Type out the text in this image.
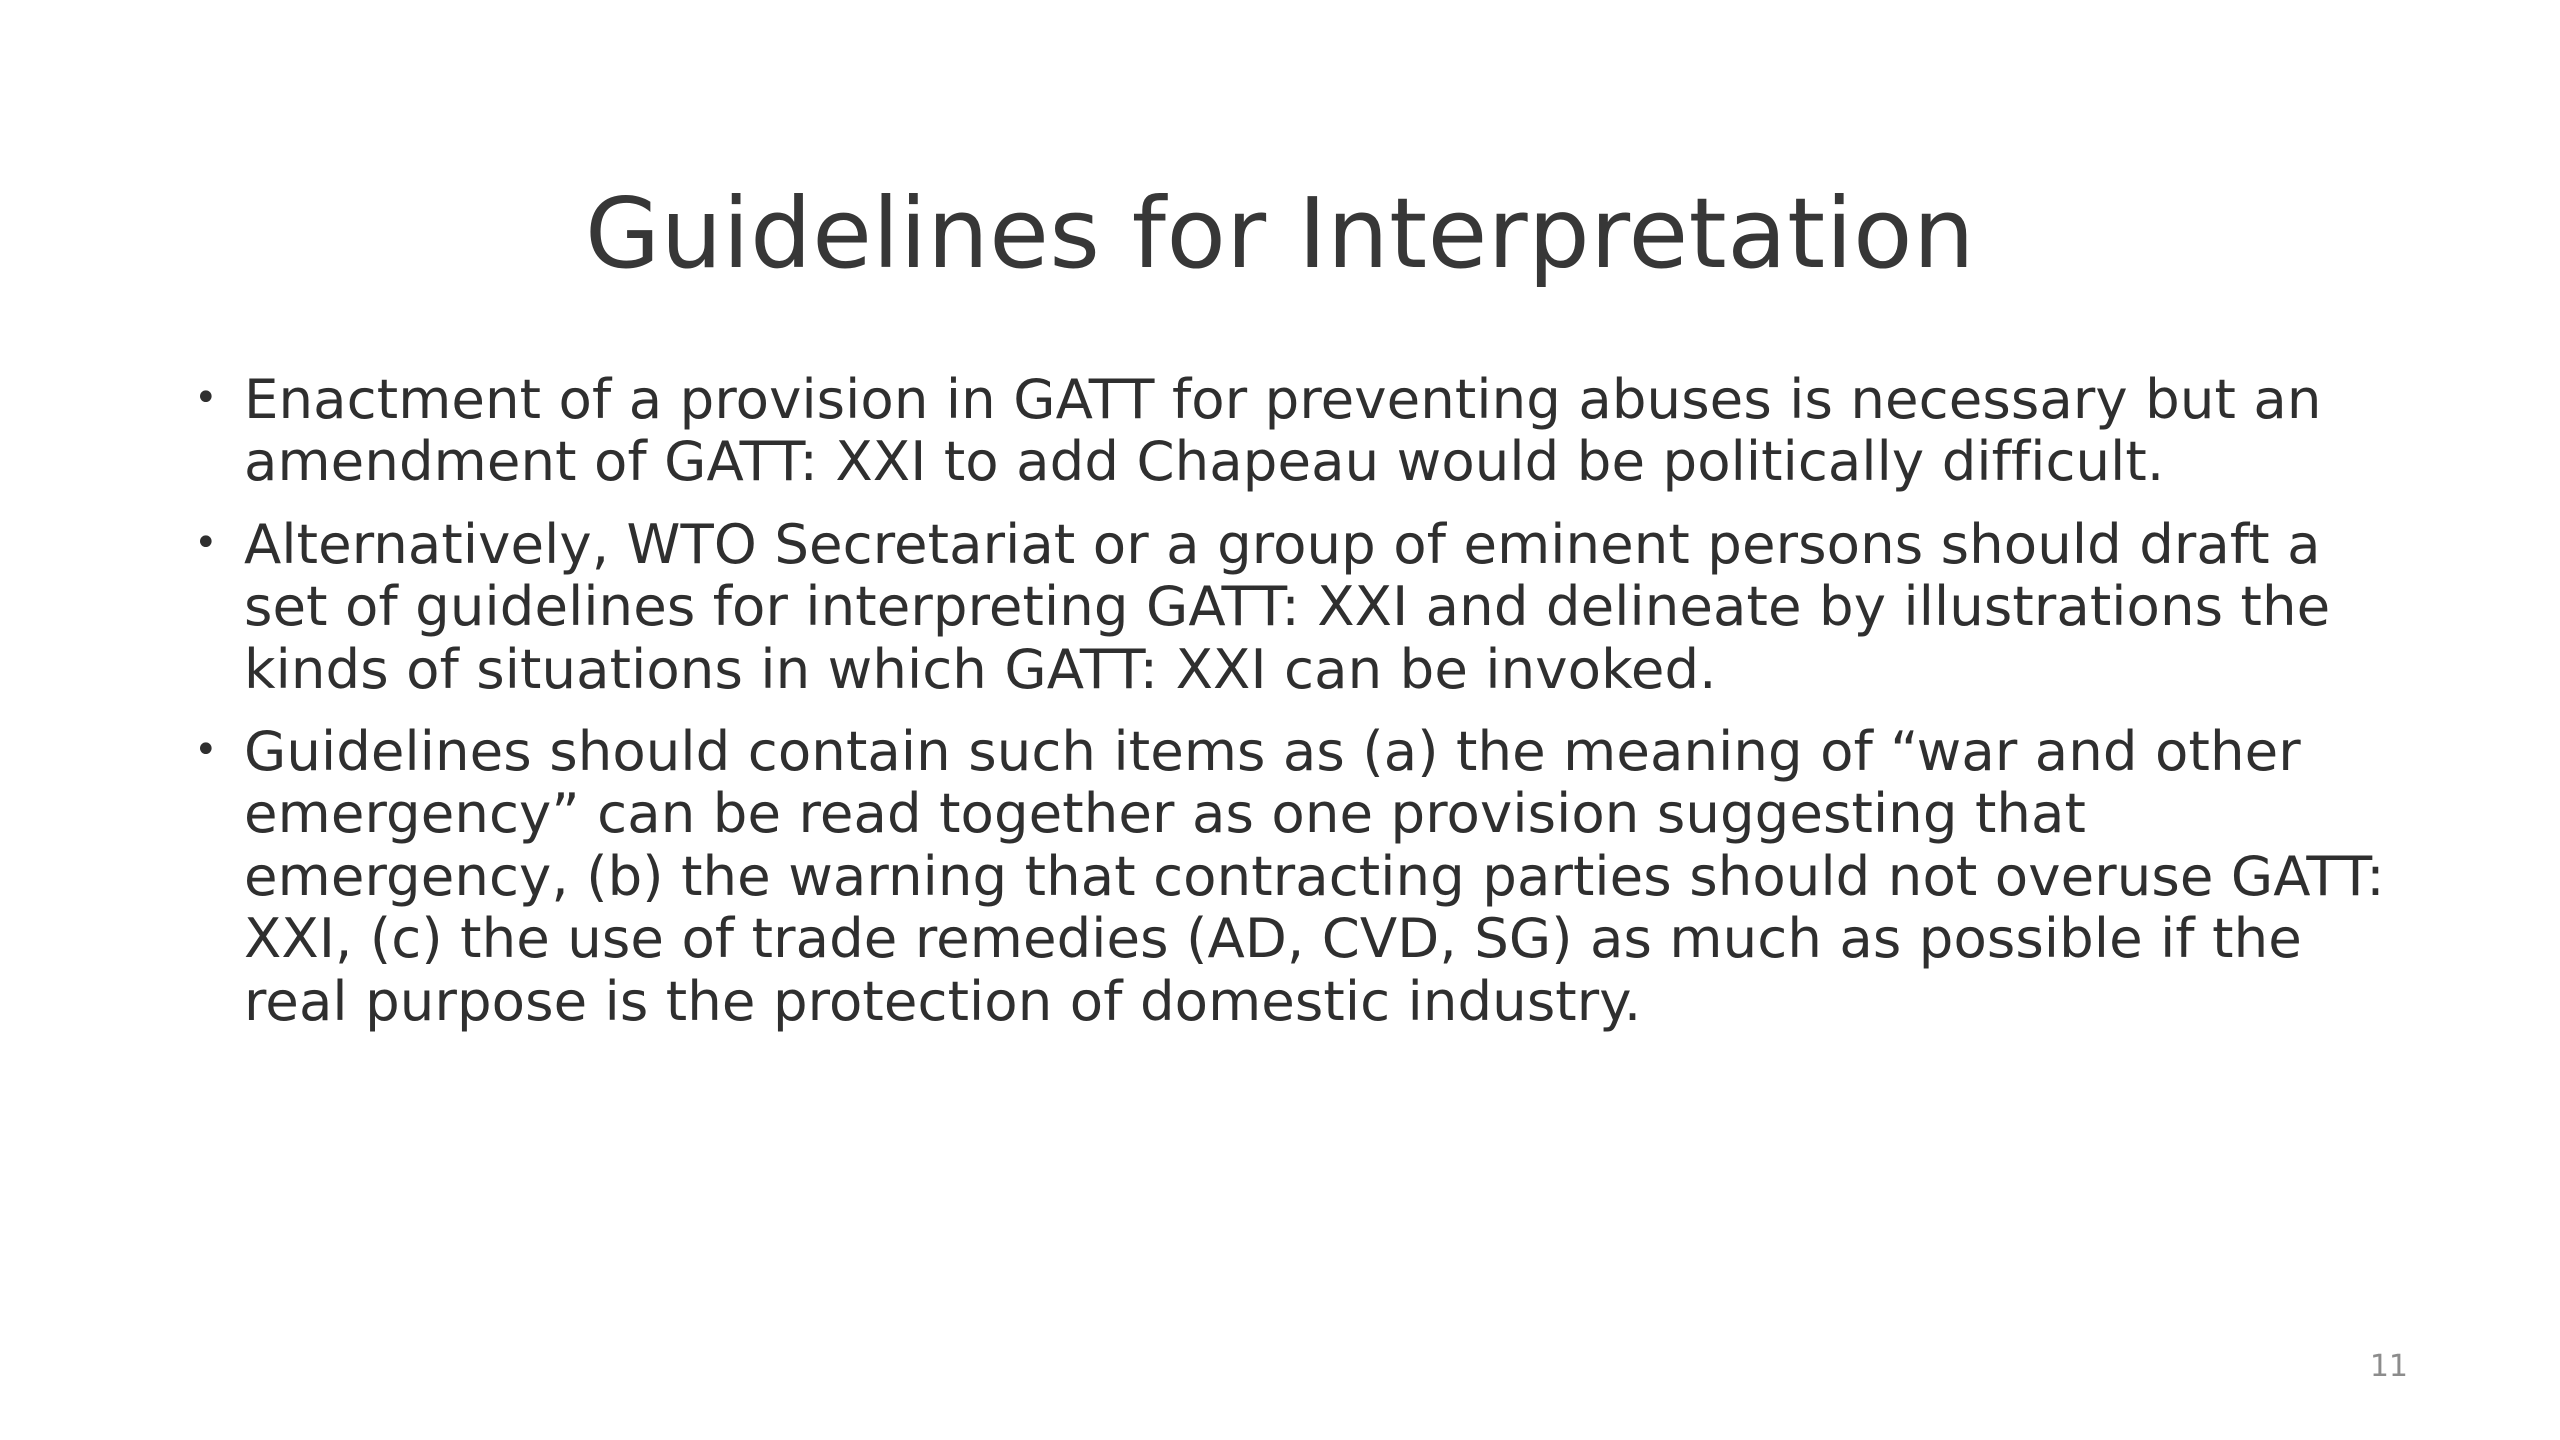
Guidelines for Interpretation
• Enactment of a provision in GATT for preventing abuses is necessary but an amendment of GATT: XXI to add Chapeau would be politically difficult.
• Alternatively, WTO Secretariat or a group of eminent persons should draft a set of guidelines for interpreting GATT: XXI and delineate by illustrations the kinds of situations in which GATT: XXI can be invoked.
• Guidelines should contain such items as (a) the meaning of “war and other emergency” can be read together as one provision suggesting that emergency, (b) the warning that contracting parties should not overuse GATT: XXI, (c) the use of trade remedies (AD, CVD, SG) as much as possible if the real purpose is the protection of domestic industry.
11
